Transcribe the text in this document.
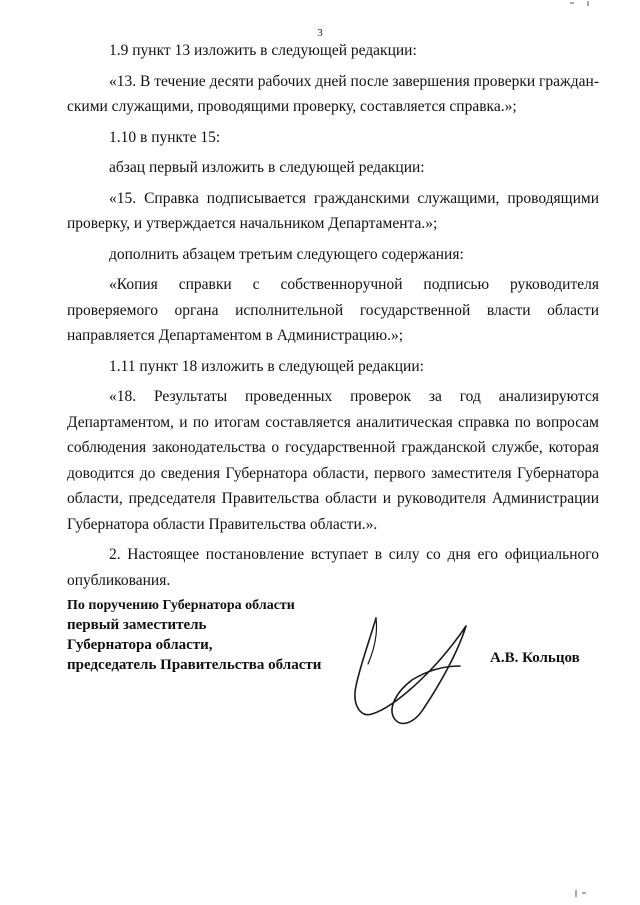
3

1.9 пункт 13 изложить в следующей редакции:

«13. В течение десяти рабочих дней после завершения проверки гражданскими служащими, проводящими проверку, составляется справка.»;

1.10 в пункте 15:

абзац первый изложить в следующей редакции:

«15. Справка подписывается гражданскими служащими, проводящими проверку, и утверждается начальником Департамента.»;

дополнить абзацем третьим следующего содержания:

«Копия справки с собственноручной подписью руководителя проверяемого органа исполнительной государственной власти области направляется Департаментом в Администрацию.»;

1.11 пункт 18 изложить в следующей редакции:

«18. Результаты проведенных проверок за год анализируются Департаментом, и по итогам составляется аналитическая справка по вопросам соблюдения законодательства о государственной гражданской службе, которая доводится до сведения Губернатора области, первого заместителя Губернатора области, председателя Правительства области и руководителя Администрации Губернатора области Правительства области.».

2. Настоящее постановление вступает в силу со дня его официального опубликования.

По поручению Губернатора области
первый заместитель
Губернатора области,
председатель Правительства области	А.В. Кольцов
